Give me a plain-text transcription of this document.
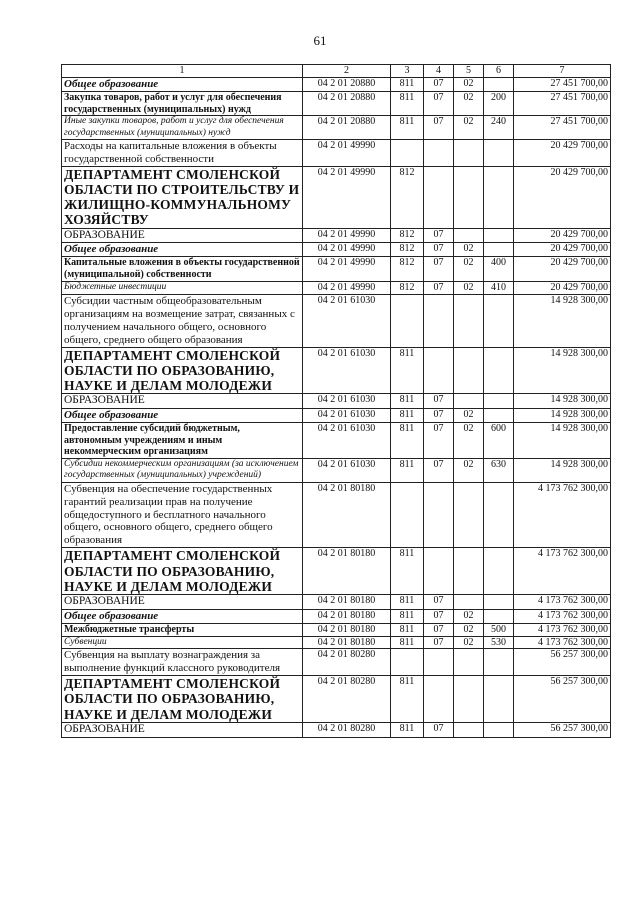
61
1	2	3	4	5	6	7
Общее образование	04 2 01 20880	811	07	02		27 451 700,00
Закупка товаров, работ и услуг для обеспечения государственных (муниципальных) нужд	04 2 01 20880	811	07	02	200	27 451 700,00
Иные закупки товаров, работ и услуг для обеспечения государственных (муниципальных) нужд	04 2 01 20880	811	07	02	240	27 451 700,00
Расходы на капитальные вложения в объекты государственной собственности	04 2 01 49990					20 429 700,00
ДЕПАРТАМЕНТ СМОЛЕНСКОЙ ОБЛАСТИ ПО СТРОИТЕЛЬСТВУ И ЖИЛИЩНО-КОММУНАЛЬНОМУ ХОЗЯЙСТВУ	04 2 01 49990	812				20 429 700,00
ОБРАЗОВАНИЕ	04 2 01 49990	812	07			20 429 700,00
Общее образование	04 2 01 49990	812	07	02		20 429 700,00
Капитальные вложения в объекты государственной (муниципальной) собственности	04 2 01 49990	812	07	02	400	20 429 700,00
Бюджетные инвестиции	04 2 01 49990	812	07	02	410	20 429 700,00
Субсидии частным общеобразовательным организациям на возмещение затрат, связанных с получением начального общего, основного общего, среднего общего образования	04 2 01 61030					14 928 300,00
ДЕПАРТАМЕНТ СМОЛЕНСКОЙ ОБЛАСТИ ПО ОБРАЗОВАНИЮ, НАУКЕ И ДЕЛАМ МОЛОДЕЖИ	04 2 01 61030	811				14 928 300,00
ОБРАЗОВАНИЕ	04 2 01 61030	811	07			14 928 300,00
Общее образование	04 2 01 61030	811	07	02		14 928 300,00
Предоставление субсидий бюджетным, автономным учреждениям и иным некоммерческим организациям	04 2 01 61030	811	07	02	600	14 928 300,00
Субсидии некоммерческим организациям (за исключением государственных (муниципальных) учреждений)	04 2 01 61030	811	07	02	630	14 928 300,00
Субвенция на обеспечение государственных гарантий реализации прав на получение общедоступного и бесплатного начального общего, основного общего, среднего общего образования	04 2 01 80180					4 173 762 300,00
ДЕПАРТАМЕНТ СМОЛЕНСКОЙ ОБЛАСТИ ПО ОБРАЗОВАНИЮ, НАУКЕ И ДЕЛАМ МОЛОДЕЖИ	04 2 01 80180	811				4 173 762 300,00
ОБРАЗОВАНИЕ	04 2 01 80180	811	07			4 173 762 300,00
Общее образование	04 2 01 80180	811	07	02		4 173 762 300,00
Межбюджетные трансферты	04 2 01 80180	811	07	02	500	4 173 762 300,00
Субвенции	04 2 01 80180	811	07	02	530	4 173 762 300,00
Субвенция на выплату вознаграждения за выполнение функций классного руководителя	04 2 01 80280					56 257 300,00
ДЕПАРТАМЕНТ СМОЛЕНСКОЙ ОБЛАСТИ ПО ОБРАЗОВАНИЮ, НАУКЕ И ДЕЛАМ МОЛОДЕЖИ	04 2 01 80280	811				56 257 300,00
ОБРАЗОВАНИЕ	04 2 01 80280	811	07			56 257 300,00
